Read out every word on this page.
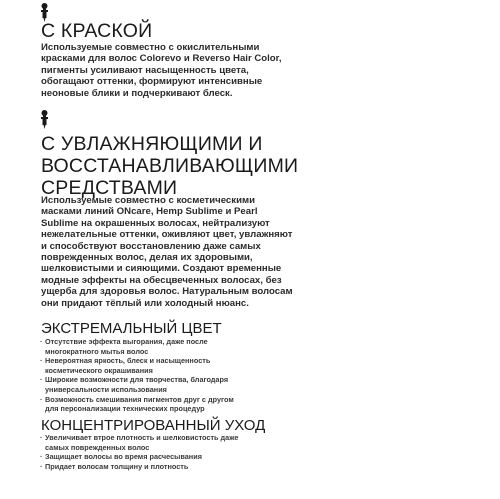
С КРАСКОЙ
Используемые совместно с окислительными
красками для волос Colorevo и Reverso Hair Color,
пигменты усиливают насыщенность цвета,
обогащают оттенки, формируют интенсивные
неоновые блики и подчеркивают блеск.
С УВЛАЖНЯЮЩИМИ И
ВОССТАНАВЛИВАЮЩИМИ
СРЕДСТВАМИ
Используемые совместно с косметическими
масками линий ONcare, Hemp Sublime и Pearl
Sublime на окрашенных волосах, нейтрализуют
нежелательные оттенки, оживляют цвет, увлажняют
и способствуют восстановлению даже самых
поврежденных волос, делая их здоровыми,
шелковистыми и сияющими. Создают временные
модные эффекты на обесцвеченных волосах, без
ущерба для здоровья волос. Натуральным волосам
они придают тёплый или холодный нюанс.
ЭКСТРЕМАЛЬНЫЙ ЦВЕТ
· Отсутствие эффекта выгорания, даже после
многократного мытья волос
· Невероятная яркость, блеск и насыщенность
косметического окрашивания
· Широкие возможности для творчества, благодаря
универсальности использования
· Возможность смешивания пигментов друг с другом
для персонализации технических процедур
КОНЦЕНТРИРОВАННЫЙ УХОД
· Увеличивает втрое плотность и шелковистость даже
самых поврежденных волос
· Защищает волосы во время расчесывания
· Придает волосам толщину и плотность
